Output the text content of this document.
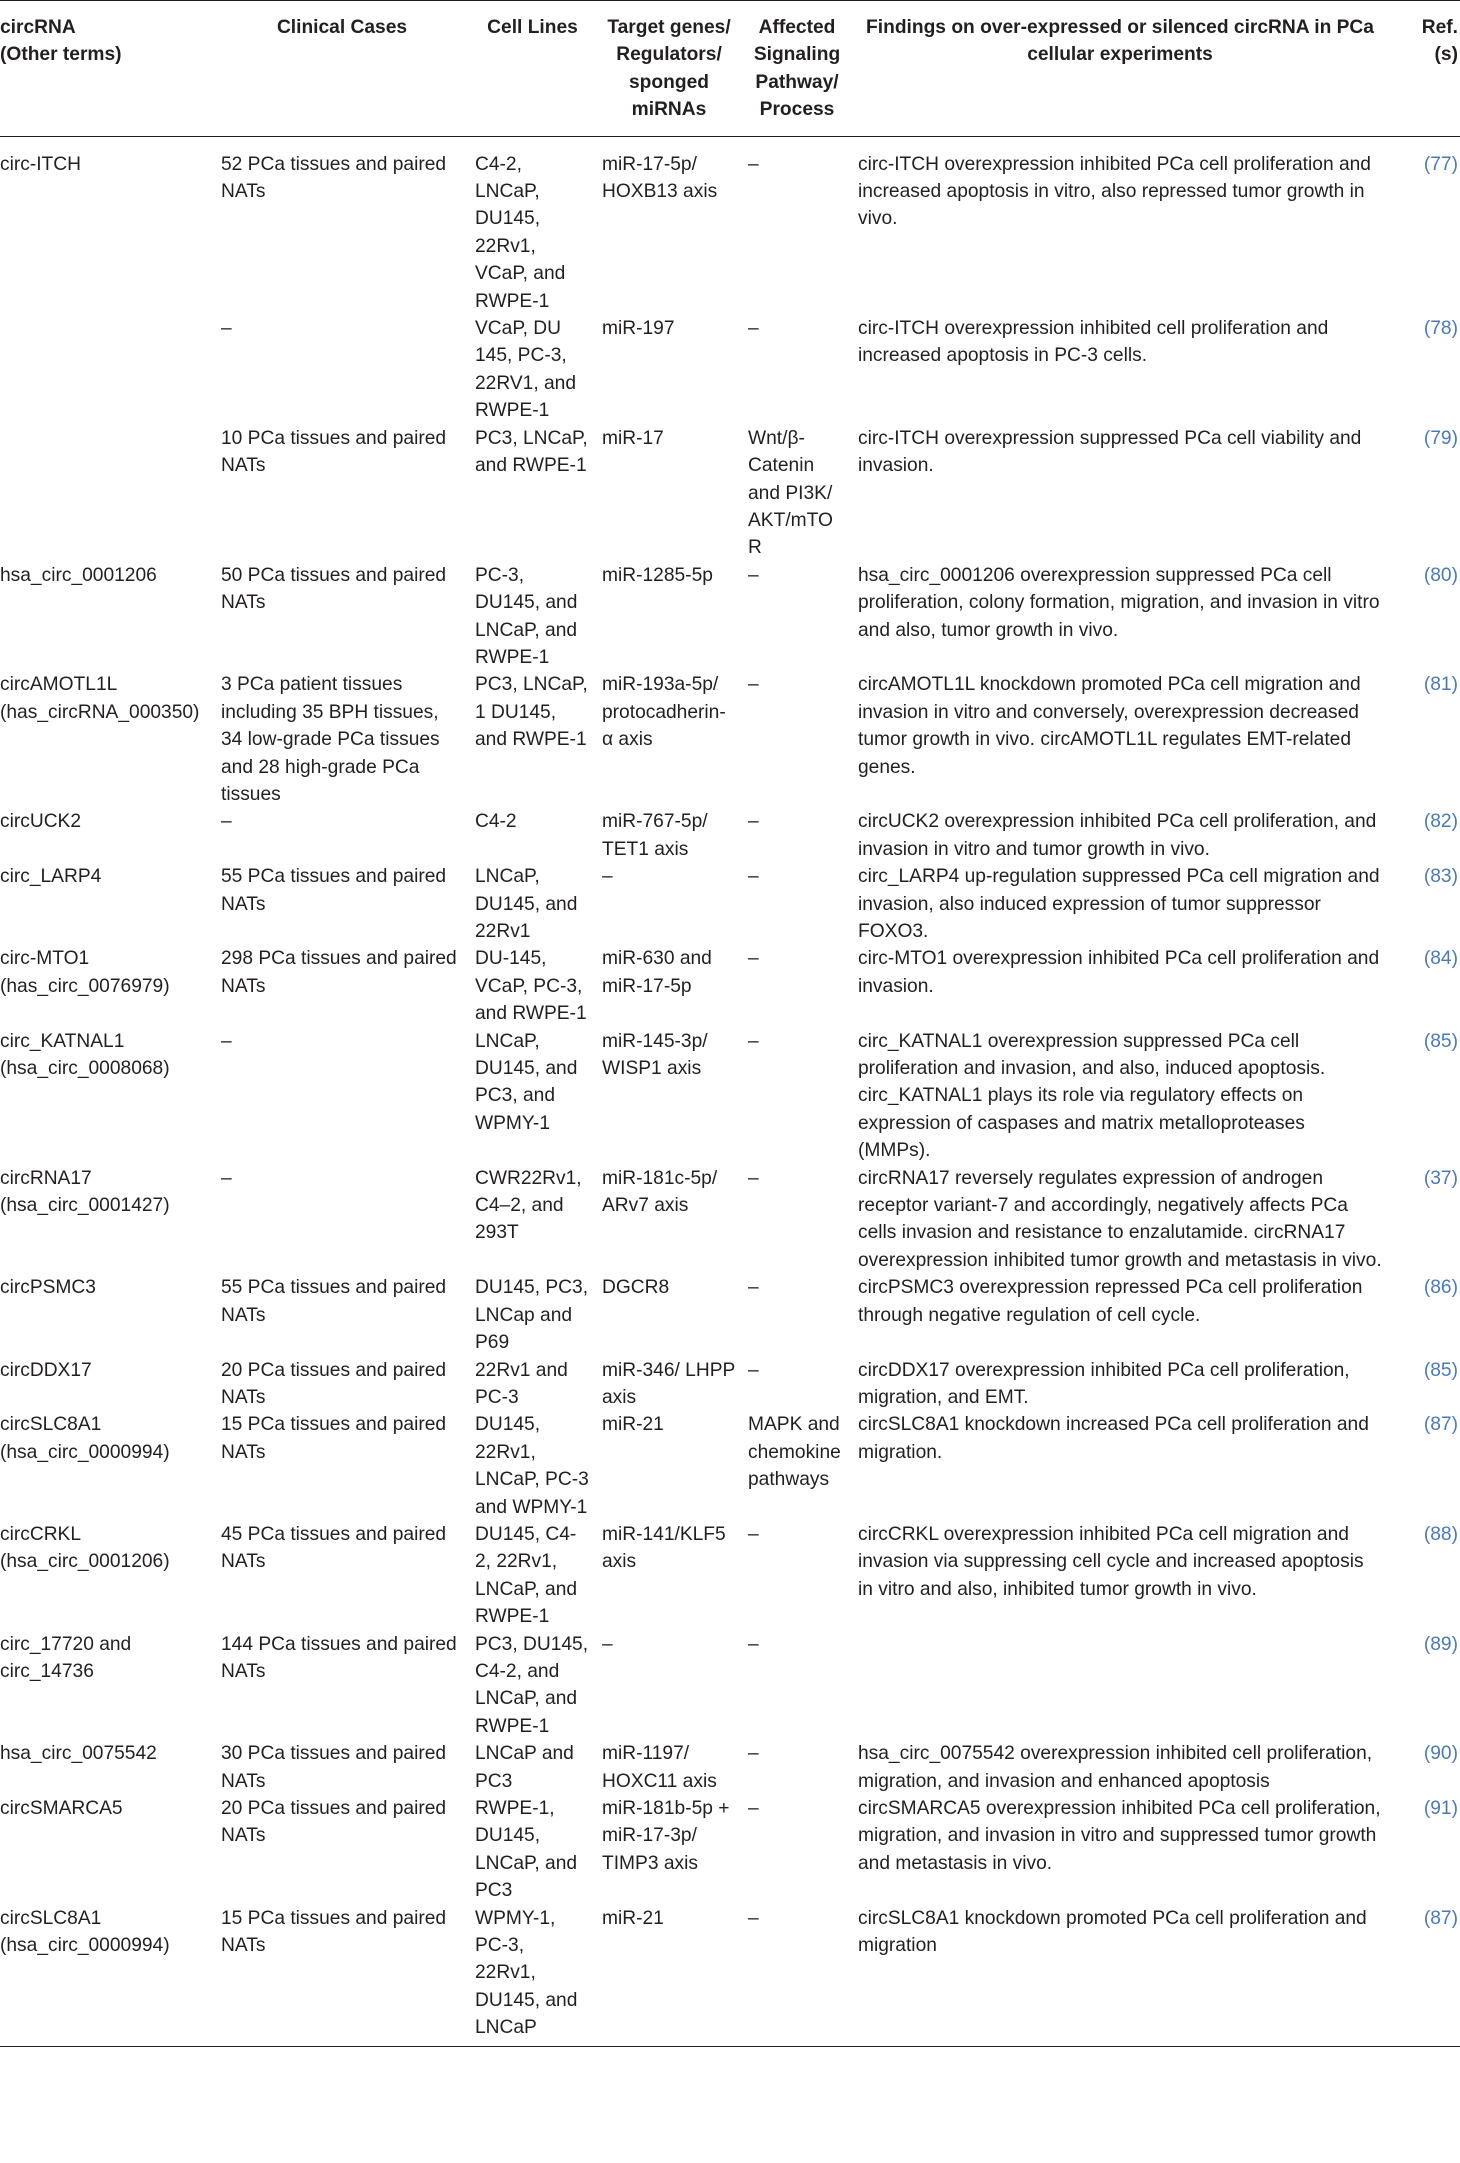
circRNA
(Other terms)	Clinical Cases	Cell Lines	Target genes/ Regulators/ sponged miRNAs	Affected Signaling Pathway/ Process	Findings on over-expressed or silenced circRNA in PCa cellular experiments	Ref. (s)

circ-ITCH	52 PCa tissues and paired NATs	C4-2, LNCaP, DU145, 22Rv1, VCaP, and RWPE-1	miR-17-5p/ HOXB13 axis	–	circ-ITCH overexpression inhibited PCa cell proliferation and increased apoptosis in vitro, also repressed tumor growth in vivo.	(77)
	–	VCaP, DU 145, PC-3, 22RV1, and RWPE-1	miR-197	–	circ-ITCH overexpression inhibited cell proliferation and increased apoptosis in PC-3 cells.	(78)
	10 PCa tissues and paired NATs	PC3, LNCaP, and RWPE-1	miR-17	Wnt/β-Catenin and PI3K/ AKT/mTOR	circ-ITCH overexpression suppressed PCa cell viability and invasion.	(79)
hsa_circ_0001206	50 PCa tissues and paired NATs	PC-3, DU145, and LNCaP, and RWPE-1	miR-1285-5p	–	hsa_circ_0001206 overexpression suppressed PCa cell proliferation, colony formation, migration, and invasion in vitro and also, tumor growth in vivo.	(80)
circAMOTL1L (has_circRNA_000350)	3 PCa patient tissues including 35 BPH tissues, 34 low-grade PCa tissues and 28 high-grade PCa tissues	PC3, LNCaP, 1 DU145, and RWPE-1	miR-193a-5p/ protocadherin-α axis	–	circAMOTL1L knockdown promoted PCa cell migration and invasion in vitro and conversely, overexpression decreased tumor growth in vivo. circAMOTL1L regulates EMT-related genes.	(81)
circUCK2	–	C4-2	miR-767-5p/ TET1 axis	–	circUCK2 overexpression inhibited PCa cell proliferation, and invasion in vitro and tumor growth in vivo.	(82)
circ_LARP4	55 PCa tissues and paired NATs	LNCaP, DU145, and 22Rv1	–	–	circ_LARP4 up-regulation suppressed PCa cell migration and invasion, also induced expression of tumor suppressor FOXO3.	(83)
circ-MTO1 (has_circ_0076979)	298 PCa tissues and paired NATs	DU-145, VCaP, PC-3, and RWPE-1	miR-630 and miR-17-5p	–	circ-MTO1 overexpression inhibited PCa cell proliferation and invasion.	(84)
circ_KATNAL1 (hsa_circ_0008068)	–	LNCaP, DU145, and PC3, and WPMY-1	miR-145-3p/ WISP1 axis	–	circ_KATNAL1 overexpression suppressed PCa cell proliferation and invasion, and also, induced apoptosis. circ_KATNAL1 plays its role via regulatory effects on expression of caspases and matrix metalloproteases (MMPs).	(85)
circRNA17 (hsa_circ_0001427)	–	CWR22Rv1, C4–2, and 293T	miR-181c-5p/ ARv7 axis	–	circRNA17 reversely regulates expression of androgen receptor variant-7 and accordingly, negatively affects PCa cells invasion and resistance to enzalutamide. circRNA17 overexpression inhibited tumor growth and metastasis in vivo.	(37)
circPSMC3	55 PCa tissues and paired NATs	DU145, PC3, LNCap and P69	DGCR8	–	circPSMC3 overexpression repressed PCa cell proliferation through negative regulation of cell cycle.	(86)
circDDX17	20 PCa tissues and paired NATs	22Rv1 and PC-3	miR-346/ LHPP axis	–	circDDX17 overexpression inhibited PCa cell proliferation, migration, and EMT.	(85)
circSLC8A1 (hsa_circ_0000994)	15 PCa tissues and paired NATs	DU145, 22Rv1, LNCaP, PC-3 and WPMY-1	miR-21	MAPK and chemokine pathways	circSLC8A1 knockdown increased PCa cell proliferation and migration.	(87)
circCRKL (hsa_circ_0001206)	45 PCa tissues and paired NATs	DU145, C4-2, 22Rv1, LNCaP, and RWPE-1	miR-141/KLF5 axis	–	circCRKL overexpression inhibited PCa cell migration and invasion via suppressing cell cycle and increased apoptosis in vitro and also, inhibited tumor growth in vivo.	(88)
circ_17720 and circ_14736	144 PCa tissues and paired NATs	PC3, DU145, C4-2, and LNCaP, and RWPE-1	–	–		(89)
hsa_circ_0075542	30 PCa tissues and paired NATs	LNCaP and PC3	miR-1197/ HOXC11 axis	–	hsa_circ_0075542 overexpression inhibited cell proliferation, migration, and invasion and enhanced apoptosis	(90)
circSMARCA5	20 PCa tissues and paired NATs	RWPE-1, DU145, LNCaP, and PC3	miR-181b-5p + miR-17-3p/ TIMP3 axis	–	circSMARCA5 overexpression inhibited PCa cell proliferation, migration, and invasion in vitro and suppressed tumor growth and metastasis in vivo.	(91)
circSLC8A1 (hsa_circ_0000994)	15 PCa tissues and paired NATs	WPMY-1, PC-3, 22Rv1, DU145, and LNCaP	miR-21	–	circSLC8A1 knockdown promoted PCa cell proliferation and migration	(87)
